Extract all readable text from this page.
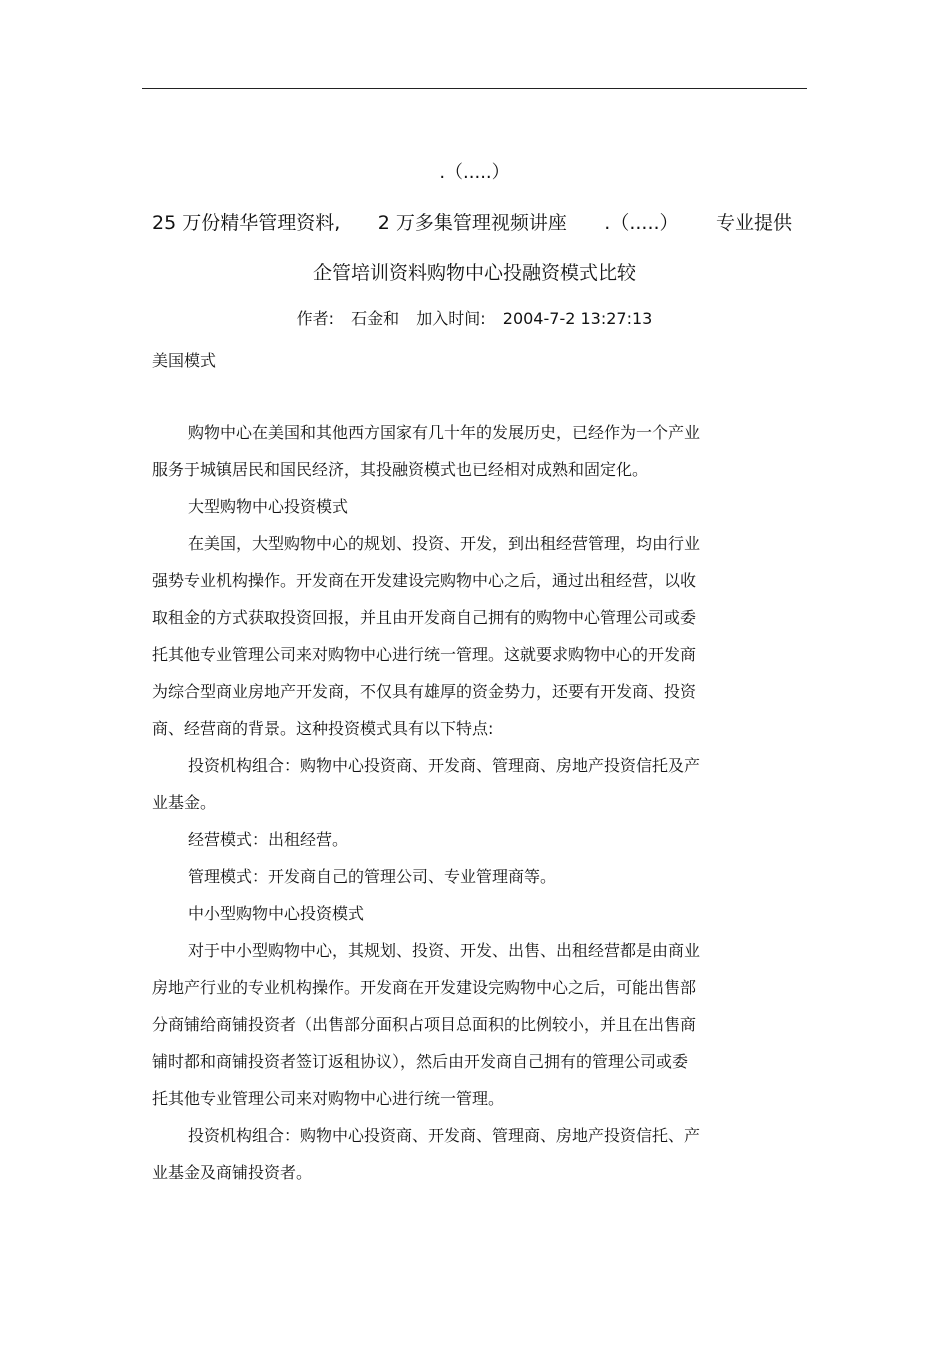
.（.....）
25 万份精华管理资料, 2 万多集管理视频讲座 .（.....） 专业提供
企管培训资料购物中心投融资模式比较
作者: 石金和 加入时间: 2004-7-2 13:27:13
美国模式

购物中心在美国和其他西方国家有几十年的发展历史，已经作为一个产业

服务于城镇居民和国民经济，其投融资模式也已经相对成熟和固定化。

大型购物中心投资模式

在美国，大型购物中心的规划、投资、开发，到出租经营管理，均由行业

强势专业机构操作。开发商在开发建设完购物中心之后，通过出租经营，以收

取租金的方式获取投资回报，并且由开发商自己拥有的购物中心管理公司或委

托其他专业管理公司来对购物中心进行统一管理。这就要求购物中心的开发商

为综合型商业房地产开发商，不仅具有雄厚的资金势力，还要有开发商、投资

商、经营商的背景。这种投资模式具有以下特点:

投资机构组合：购物中心投资商、开发商、管理商、房地产投资信托及产

业基金。

经营模式：出租经营。

管理模式：开发商自己的管理公司、专业管理商等。

中小型购物中心投资模式

对于中小型购物中心，其规划、投资、开发、出售、出租经营都是由商业

房地产行业的专业机构操作。开发商在开发建设完购物中心之后，可能出售部

分商铺给商铺投资者（出售部分面积占项目总面积的比例较小，并且在出售商

铺时都和商铺投资者签订返租协议），然后由开发商自己拥有的管理公司或委

托其他专业管理公司来对购物中心进行统一管理。

投资机构组合：购物中心投资商、开发商、管理商、房地产投资信托、产

业基金及商铺投资者。
